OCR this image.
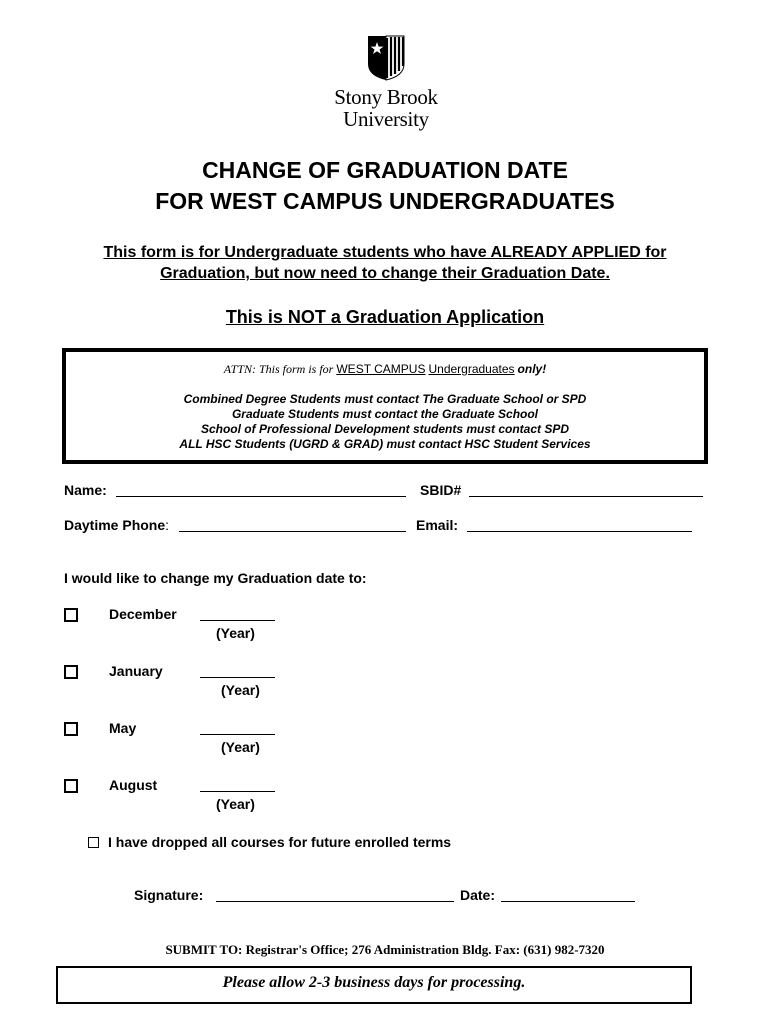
Stony Brook
University
CHANGE OF GRADUATION DATE
FOR WEST CAMPUS UNDERGRADUATES
This form is for Undergraduate students who have ALREADY APPLIED for
Graduation, but now need to change their Graduation Date.
This is NOT a Graduation Application
ATTN: This form is for WEST CAMPUS Undergraduates only!
Combined Degree Students must contact The Graduate School or SPD
Graduate Students must contact the Graduate School
School of Professional Development students must contact SPD
ALL HSC Students (UGRD & GRAD) must contact HSC Student Services
Name:	SBID#
Daytime Phone:	Email:
I would like to change my Graduation date to:
December
(Year)
January
(Year)
May
(Year)
August
(Year)
I have dropped all courses for future enrolled terms
Signature:	Date:
SUBMIT TO: Registrar's Office; 276 Administration Bldg. Fax: (631) 982-7320
Please allow 2-3 business days for processing.
